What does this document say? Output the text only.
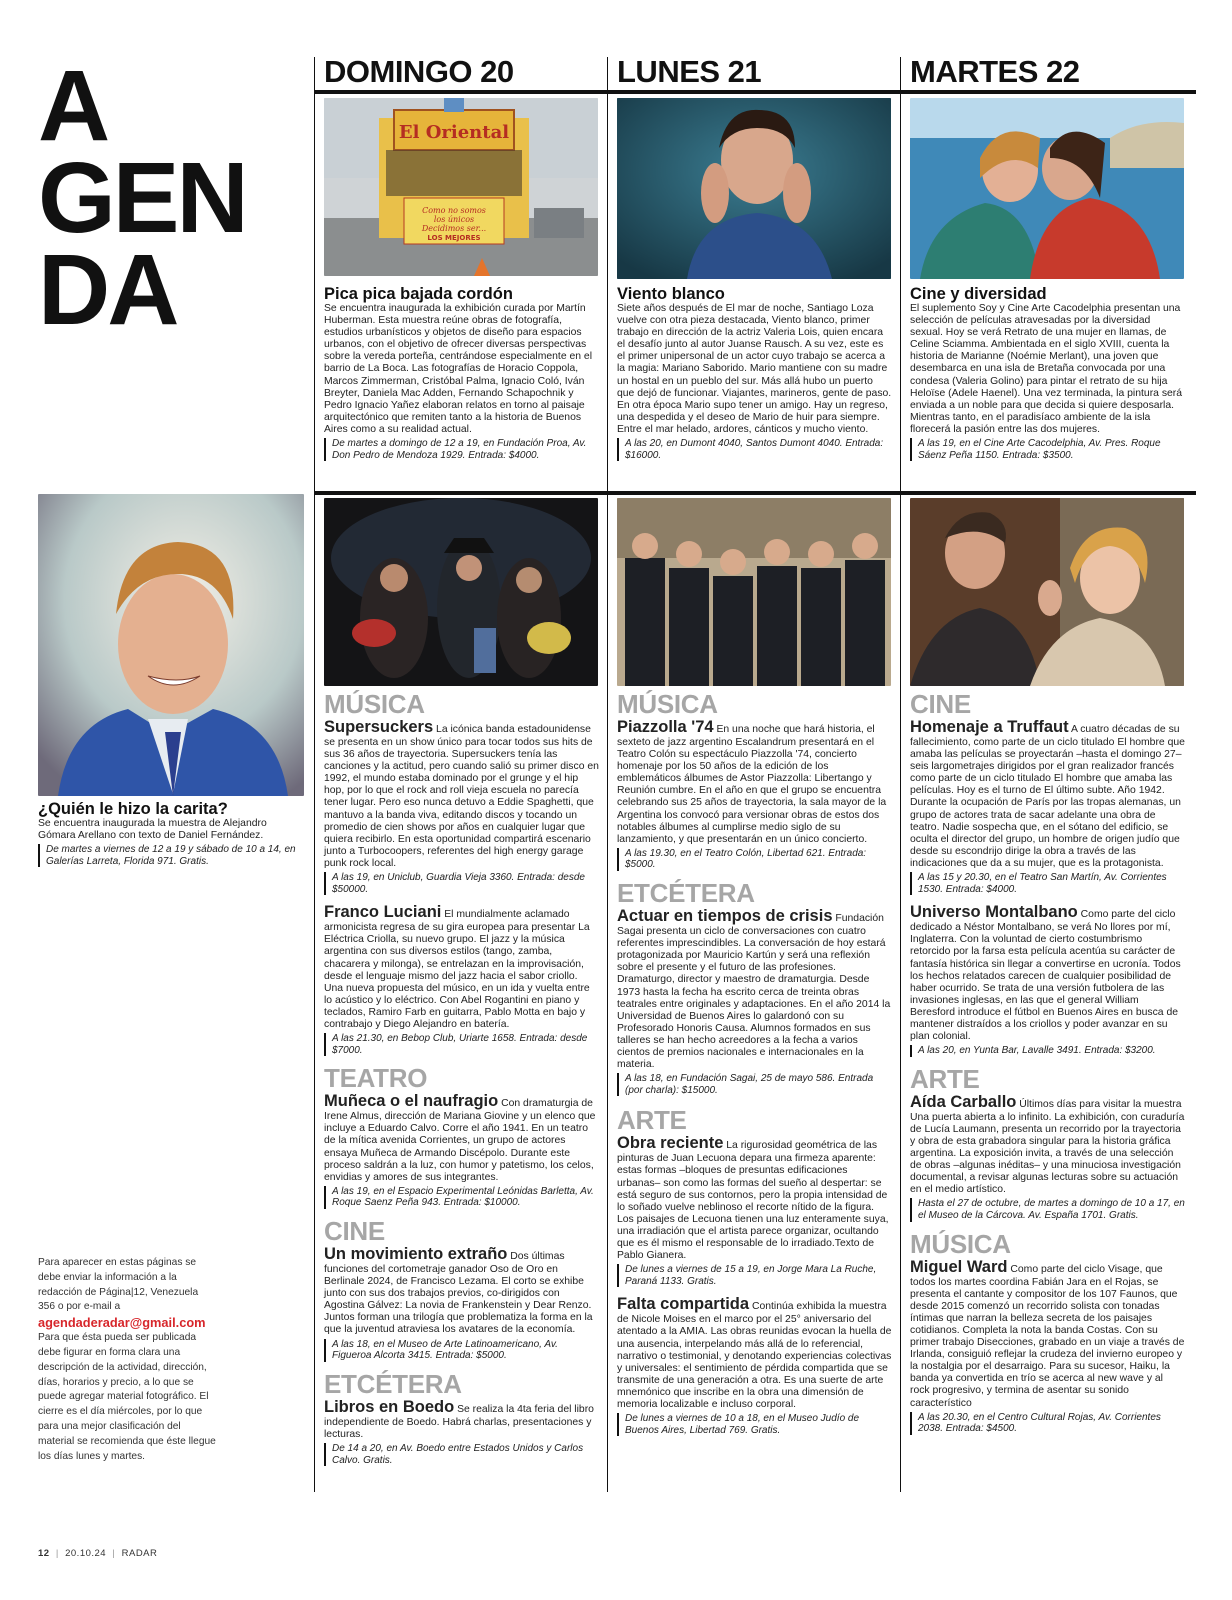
A
GEN
DA
DOMINGO 20	LUNES 21	MARTES 22
El Oriental
Como no somos
los únicos
Decidimos ser...
LOS MEJORES
Pica pica bajada cordón
Se encuentra inaugurada la exhibición curada por Martín Huberman. Esta muestra reúne obras de fotografía, estudios urbanísticos y objetos de diseño para espacios urbanos, con el objetivo de ofrecer diversas perspectivas sobre la vereda porteña, centrándose especialmente en el barrio de La Boca. Las fotografías de Horacio Coppola, Marcos Zimmerman, Cristóbal Palma, Ignacio Coló, Iván Breyter, Daniela Mac Adden, Fernando Schapochnik y Pedro Ignacio Yañez elaboran relatos en torno al paisaje arquitectónico que remiten tanto a la historia de Buenos Aires como a su realidad actual.
De martes a domingo de 12 a 19, en Fundación Proa, Av. Don Pedro de Mendoza 1929. Entrada: $4000.
Viento blanco
Siete años después de El mar de noche, Santiago Loza vuelve con otra pieza destacada, Viento blanco, primer trabajo en dirección de la actriz Valeria Lois, quien encara el desafío junto al autor Juanse Rausch. A su vez, este es el primer unipersonal de un actor cuyo trabajo se acerca a la magia: Mariano Saborido. Mario mantiene con su madre un hostal en un pueblo del sur. Más allá hubo un puerto que dejó de funcionar. Viajantes, marineros, gente de paso. En otra época Mario supo tener un amigo. Hay un regreso, una despedida y el deseo de Mario de huir para siempre. Entre el mar helado, ardores, cánticos y mucho viento.
A las 20, en Dumont 4040, Santos Dumont 4040. Entrada: $16000.
Cine y diversidad
El suplemento Soy y Cine Arte Cacodelphia presentan una selección de películas atravesadas por la diversidad sexual. Hoy se verá Retrato de una mujer en llamas, de Celine Sciamma. Ambientada en el siglo XVIII, cuenta la historia de Marianne (Noémie Merlant), una joven que desembarca en una isla de Bretaña convocada por una condesa (Valeria Golino) para pintar el retrato de su hija Heloïse (Adele Haenel). Una vez terminada, la pintura será enviada a un noble para que decida si quiere desposarla. Mientras tanto, en el paradisíaco ambiente de la isla florecerá la pasión entre las dos mujeres.
A las 19, en el Cine Arte Cacodelphia, Av. Pres. Roque Sáenz Peña 1150. Entrada: $3500.
¿Quién le hizo la carita?
Se encuentra inaugurada la muestra de Alejandro Gómara Arellano con texto de Daniel Fernández.
De martes a viernes de 12 a 19 y sábado de 10 a 14, en Galerías Larreta, Florida 971. Gratis.
MÚSICA
Supersuckers La icónica banda estadounidense se presenta en un show único para tocar todos sus hits de sus 36 años de trayectoria. Supersuckers tenía las canciones y la actitud, pero cuando salió su primer disco en 1992, el mundo estaba dominado por el grunge y el hip hop, por lo que el rock and roll vieja escuela no parecía tener lugar. Pero eso nunca detuvo a Eddie Spaghetti, que mantuvo a la banda viva, editando discos y tocando un promedio de cien shows por años en cualquier lugar que quiera recibirlo. En esta oportunidad compartirá escenario junto a Turbocoopers, referentes del high energy garage punk rock local.
A las 19, en Uniclub, Guardia Vieja 3360. Entrada: desde $50000.
Franco Luciani El mundialmente aclamado armonicista regresa de su gira europea para presentar La Eléctrica Criolla, su nuevo grupo. El jazz y la música argentina con sus diversos estilos (tango, zamba, chacarera y milonga), se entrelazan en la improvisación, desde el lenguaje mismo del jazz hacia el sabor criollo. Una nueva propuesta del músico, en un ida y vuelta entre lo acústico y lo eléctrico. Con Abel Rogantini en piano y teclados, Ramiro Farb en guitarra, Pablo Motta en bajo y contrabajo y Diego Alejandro en batería.
A las 21.30, en Bebop Club, Uriarte 1658. Entrada: desde $7000.
TEATRO
Muñeca o el naufragio Con dramaturgia de Irene Almus, dirección de Mariana Giovine y un elenco que incluye a Eduardo Calvo. Corre el año 1941. En un teatro de la mítica avenida Corrientes, un grupo de actores ensaya Muñeca de Armando Discépolo. Durante este proceso saldrán a la luz, con humor y patetismo, los celos, envidias y amores de sus integrantes.
A las 19, en el Espacio Experimental Leónidas Barletta, Av. Roque Saenz Peña 943. Entrada: $10000.
CINE
Un movimiento extraño Dos últimas funciones del cortometraje ganador Oso de Oro en Berlinale 2024, de Francisco Lezama. El corto se exhibe junto con sus dos trabajos previos, co-dirigidos con Agostina Gálvez: La novia de Frankenstein y Dear Renzo. Juntos forman una trilogía que problematiza la forma en la que la juventud atraviesa los avatares de la economía.
A las 18, en el Museo de Arte Latinoamericano, Av. Figueroa Alcorta 3415. Entrada: $5000.
ETCÉTERA
Libros en Boedo Se realiza la 4ta feria del libro independiente de Boedo. Habrá charlas, presentaciones y lecturas.
De 14 a 20, en Av. Boedo entre Estados Unidos y Carlos Calvo. Gratis.
MÚSICA
Piazzolla '74 En una noche que hará historia, el sexteto de jazz argentino Escalandrum presentará en el Teatro Colón su espectáculo Piazzolla '74, concierto homenaje por los 50 años de la edición de los emblemáticos álbumes de Astor Piazzolla: Libertango y Reunión cumbre. En el año en que el grupo se encuentra celebrando sus 25 años de trayectoria, la sala mayor de la Argentina los convocó para versionar obras de estos dos notables álbumes al cumplirse medio siglo de su lanzamiento, y que presentarán en un único concierto.
A las 19.30, en el Teatro Colón, Libertad 621. Entrada: $5000.
ETCÉTERA
Actuar en tiempos de crisis Fundación Sagai presenta un ciclo de conversaciones con cuatro referentes imprescindibles. La conversación de hoy estará protagonizada por Mauricio Kartún y será una reflexión sobre el presente y el futuro de las profesiones. Dramaturgo, director y maestro de dramaturgia. Desde 1973 hasta la fecha ha escrito cerca de treinta obras teatrales entre originales y adaptaciones. En el año 2014 la Universidad de Buenos Aires lo galardonó con su Profesorado Honoris Causa. Alumnos formados en sus talleres se han hecho acreedores a la fecha a varios cientos de premios nacionales e internacionales en la materia.
A las 18, en Fundación Sagai, 25 de mayo 586. Entrada (por charla): $15000.
ARTE
Obra reciente La rigurosidad geométrica de las pinturas de Juan Lecuona depara una firmeza aparente: estas formas –bloques de presuntas edificaciones urbanas– son como las formas del sueño al despertar: se está seguro de sus contornos, pero la propia intensidad de lo soñado vuelve neblinoso el recorte nítido de la figura. Los paisajes de Lecuona tienen una luz enteramente suya, una irradiación que el artista parece organizar, ocultando que es él mismo el responsable de lo irradiado.Texto de Pablo Gianera.
De lunes a viernes de 15 a 19, en Jorge Mara La Ruche, Paraná 1133. Gratis.
Falta compartida Continúa exhibida la muestra de Nicole Moises en el marco por el 25° aniversario del atentado a la AMIA. Las obras reunidas evocan la huella de una ausencia, interpelando más allá de lo referencial, narrativo o testimonial, y denotando experiencias colectivas y universales: el sentimiento de pérdida compartida que se transmite de una generación a otra. Es una suerte de arte mnemónico que inscribe en la obra una dimensión de memoria localizable e incluso corporal.
De lunes a viernes de 10 a 18, en el Museo Judío de Buenos Aires, Libertad 769. Gratis.
CINE
Homenaje a Truffaut A cuatro décadas de su fallecimiento, como parte de un ciclo titulado El hombre que amaba las películas se proyectarán –hasta el domingo 27– seis largometrajes dirigidos por el gran realizador francés como parte de un ciclo titulado El hombre que amaba las películas. Hoy es el turno de El último subte. Año 1942. Durante la ocupación de París por las tropas alemanas, un grupo de actores trata de sacar adelante una obra de teatro. Nadie sospecha que, en el sótano del edificio, se oculta el director del grupo, un hombre de origen judío que desde su escondrijo dirige la obra a través de las indicaciones que da a su mujer, que es la protagonista.
A las 15 y 20.30, en el Teatro San Martín, Av. Corrientes 1530. Entrada: $4000.
Universo Montalbano Como parte del ciclo dedicado a Néstor Montalbano, se verá No llores por mí, Inglaterra. Con la voluntad de cierto costumbrismo retorcido por la farsa esta película acentúa su carácter de fantasía histórica sin llegar a convertirse en ucronía. Todos los hechos relatados carecen de cualquier posibilidad de haber ocurrido. Se trata de una versión futbolera de las invasiones inglesas, en las que el general William Beresford introduce el fútbol en Buenos Aires en busca de mantener distraídos a los criollos y poder avanzar en su plan colonial.
A las 20, en Yunta Bar, Lavalle 3491. Entrada: $3200.
ARTE
Aída Carballo Últimos días para visitar la muestra Una puerta abierta a lo infinito. La exhibición, con curaduría de Lucía Laumann, presenta un recorrido por la trayectoria y obra de esta grabadora singular para la historia gráfica argentina. La exposición invita, a través de una selección de obras –algunas inéditas– y una minuciosa investigación documental, a revisar algunas lecturas sobre su actuación en el medio artístico.
Hasta el 27 de octubre, de martes a domingo de 10 a 17, en el Museo de la Cárcova. Av. España 1701. Gratis.
MÚSICA
Miguel Ward Como parte del ciclo Visage, que todos los martes coordina Fabián Jara en el Rojas, se presenta el cantante y compositor de los 107 Faunos, que desde 2015 comenzó un recorrido solista con tonadas íntimas que narran la belleza secreta de los paisajes cotidianos. Completa la nota la banda Costas. Con su primer trabajo Disecciones, grabado en un viaje a través de Irlanda, consiguió reflejar la crudeza del invierno europeo y la nostalgia por el desarraigo. Para su sucesor, Haiku, la banda ya convertida en trío se acerca al new wave y al rock progresivo, y termina de asentar su sonido característico
A las 20.30, en el Centro Cultural Rojas, Av. Corrientes 2038. Entrada: $4500.
Para aparecer en estas páginas se debe enviar la información a la redacción de Página|12, Venezuela 356 o por e-mail a
agendaderadar@gmail.com
Para que ésta pueda ser publicada debe figurar en forma clara una descripción de la actividad, dirección, días, horarios y precio, a lo que se puede agregar material fotográfico. El cierre es el día miércoles, por lo que para una mejor clasificación del material se recomienda que éste llegue los días lunes y martes.
12  |  20.10.24  |  RADAR
